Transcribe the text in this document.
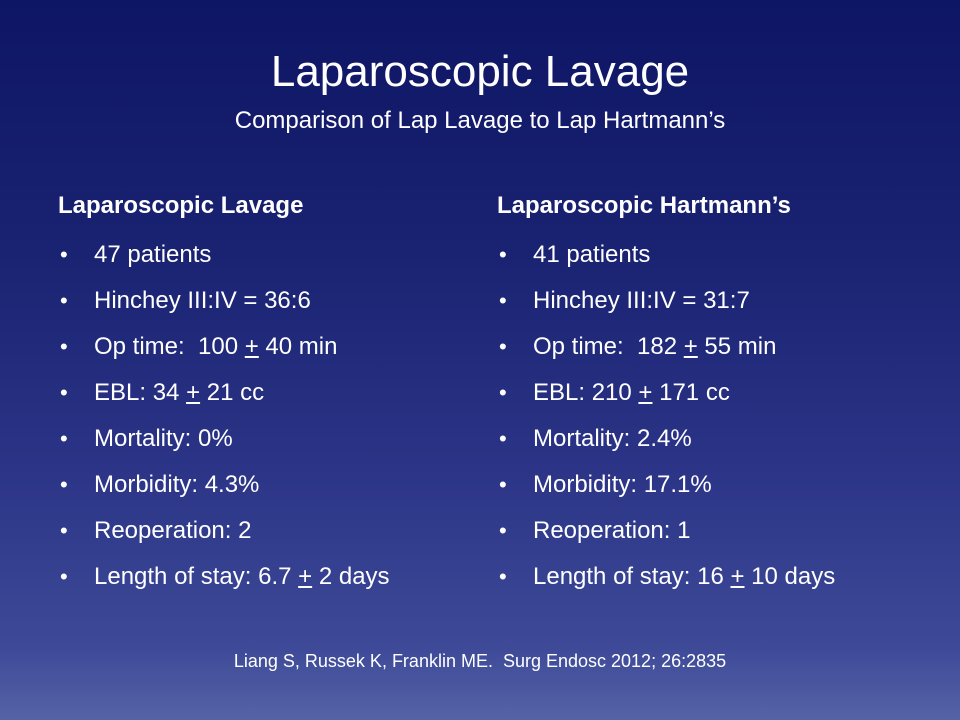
Laparoscopic Lavage
Comparison of Lap Lavage to Lap Hartmann’s
Laparoscopic Lavage
• 47 patients
• Hinchey III:IV = 36:6
• Op time:  100 + 40 min
• EBL: 34 + 21 cc
• Mortality: 0%
• Morbidity: 4.3%
• Reoperation: 2
• Length of stay: 6.7 + 2 days
Laparoscopic Hartmann’s
• 41 patients
• Hinchey III:IV = 31:7
• Op time:  182 + 55 min
• EBL: 210 + 171 cc
• Mortality: 2.4%
• Morbidity: 17.1%
• Reoperation: 1
• Length of stay: 16 + 10 days
Liang S, Russek K, Franklin ME.  Surg Endosc 2012; 26:2835
